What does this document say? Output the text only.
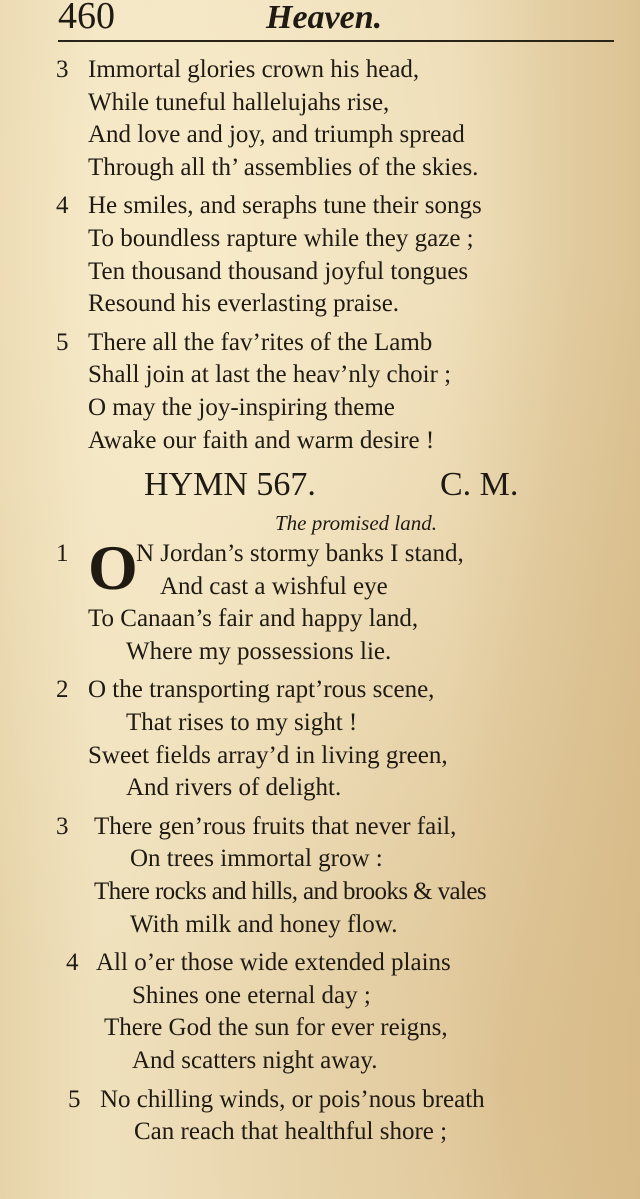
460	Heaven.
3 Immortal glories crown his head,
While tuneful hallelujahs rise,
And love and joy, and triumph spread
Through all th’ assemblies of the skies.
4 He smiles, and seraphs tune their songs
To boundless rapture while they gaze ;
Ten thousand thousand joyful tongues
Resound his everlasting praise.
5 There all the fav’rites of the Lamb
Shall join at last the heav’nly choir ;
O may the joy-inspiring theme
Awake our faith and warm desire !
HYMN 567.	C. M.
The promised land.
1 O
N Jordan’s stormy banks I stand,
And cast a wishful eye
To Canaan’s fair and happy land,
Where my possessions lie.
2 O the transporting rapt’rous scene,
That rises to my sight !
Sweet fields array’d in living green,
And rivers of delight.
3	There gen’rous fruits that never fail,
On trees immortal grow :
There rocks and hills, and brooks & vales
With milk and honey flow.
4 All o’er those wide extended plains
Shines one eternal day ;
There God the sun for ever reigns,
And scatters night away.
5 No chilling winds, or pois’nous breath
Can reach that healthful shore ;
